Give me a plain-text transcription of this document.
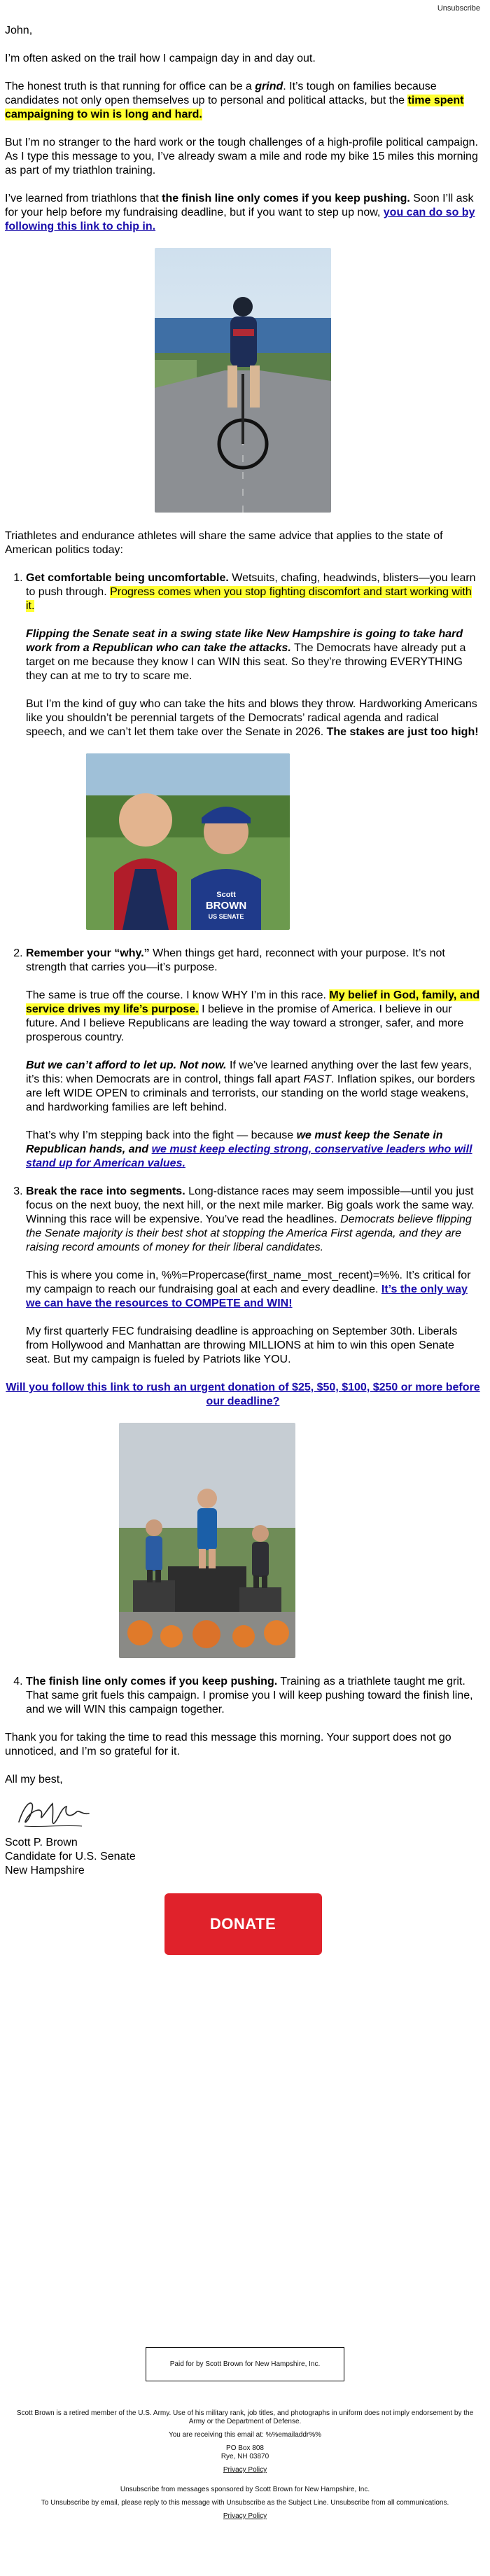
Unsubscribe

John,

I’m often asked on the trail how I campaign day in and day out.

The honest truth is that running for office can be a grind. It’s tough on families because candidates not only open themselves up to personal and political attacks, but the time spent campaigning to win is long and hard.

But I’m no stranger to the hard work or the tough challenges of a high-profile political campaign. As I type this message to you, I’ve already swam a mile and rode my bike 15 miles this morning as part of my triathlon training.

I’ve learned from triathlons that the finish line only comes if you keep pushing. Soon I’ll ask for your help before my fundraising deadline, but if you want to step up now, you can do so by following this link to chip in.

Triathletes and endurance athletes will share the same advice that applies to the state of American politics today:

1. Get comfortable being uncomfortable. Wetsuits, chafing, headwinds, blisters—you learn to push through. Progress comes when you stop fighting discomfort and start working with it.

Flipping the Senate seat in a swing state like New Hampshire is going to take hard work from a Republican who can take the attacks. The Democrats have already put a target on me because they know I can WIN this seat. So they’re throwing EVERYTHING they can at me to try to scare me.

But I’m the kind of guy who can take the hits and blows they throw. Hardworking Americans like you shouldn’t be perennial targets of the Democrats’ radical agenda and radical speech, and we can’t let them take over the Senate in 2026. The stakes are just too high!

Scott
BROWN
US SENATE

2. Remember your “why.” When things get hard, reconnect with your purpose. It’s not strength that carries you—it’s purpose.

The same is true off the course. I know WHY I’m in this race. My belief in God, family, and service drives my life’s purpose. I believe in the promise of America. I believe in our future. And I believe Republicans are leading the way toward a stronger, safer, and more prosperous country.

But we can’t afford to let up. Not now. If we’ve learned anything over the last few years, it’s this: when Democrats are in control, things fall apart FAST. Inflation spikes, our borders are left WIDE OPEN to criminals and terrorists, our standing on the world stage weakens, and hardworking families are left behind.

That’s why I’m stepping back into the fight — because we must keep the Senate in Republican hands, and we must keep electing strong, conservative leaders who will stand up for American values.

3. Break the race into segments. Long-distance races may seem impossible—until you just focus on the next buoy, the next hill, or the next mile marker. Big goals work the same way. Winning this race will be expensive. You’ve read the headlines. Democrats believe flipping the Senate majority is their best shot at stopping the America First agenda, and they are raising record amounts of money for their liberal candidates.

This is where you come in, %%=Propercase(first_name_most_recent)=%%. It’s critical for my campaign to reach our fundraising goal at each and every deadline. It’s the only way we can have the resources to COMPETE and WIN!

My first quarterly FEC fundraising deadline is approaching on September 30th. Liberals from Hollywood and Manhattan are throwing MILLIONS at him to win this open Senate seat. But my campaign is fueled by Patriots like YOU.

Will you follow this link to rush an urgent donation of $25, $50, $100, $250 or more before our deadline?

4. The finish line only comes if you keep pushing. Training as a triathlete taught me grit. That same grit fuels this campaign. I promise you I will keep pushing toward the finish line, and we will WIN this campaign together.

Thank you for taking the time to read this message this morning. Your support does not go unnoticed, and I’m so grateful for it.

All my best,

Scott P. Brown
Candidate for U.S. Senate
New Hampshire
DONATE
Paid for by Scott Brown for New Hampshire, Inc.

Scott Brown is a retired member of the U.S. Army. Use of his military rank, job titles, and photographs in uniform does not imply endorsement by the Army or the Department of Defense.

You are receiving this email at: %%emailaddr%%

PO Box 808

Rye, NH 03870

Privacy Policy

Unsubscribe from messages sponsored by Scott Brown for New Hampshire, Inc.

To Unsubscribe by email, please reply to this message with Unsubscribe as the Subject Line. Unsubscribe from all communications.

Privacy Policy
